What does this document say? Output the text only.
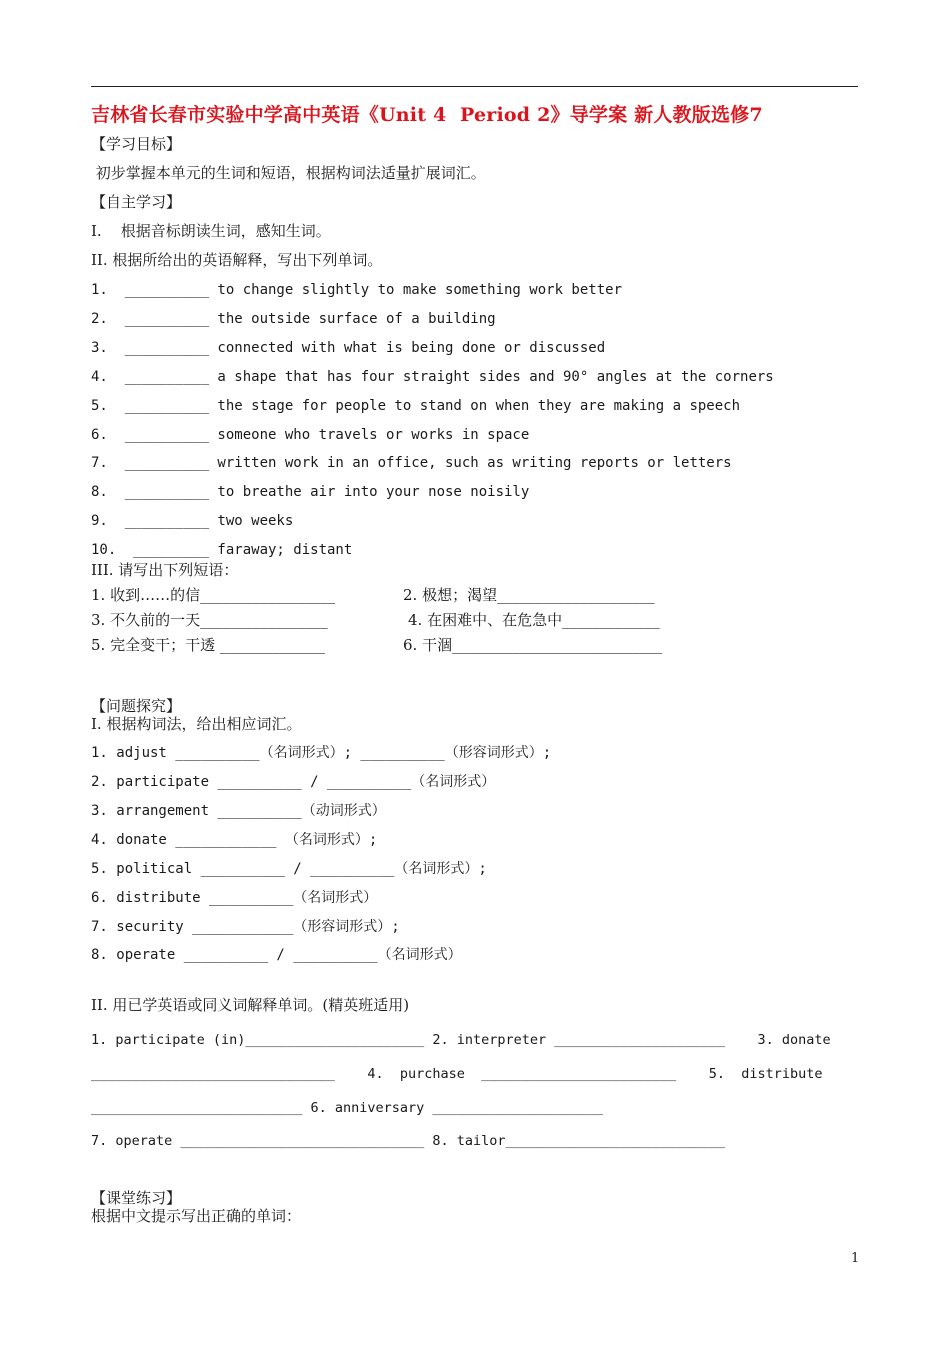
吉林省长春市实验中学高中英语《Unit 4  Period 2》导学案 新人教版选修7
【学习目标】
初步掌握本单元的生词和短语，根据构词法适量扩展词汇。
【自主学习】
I.    根据音标朗读生词，感知生词。
II. 根据所给出的英语解释，写出下列单词。
1.  __________ to change slightly to make something work better
2.  __________ the outside surface of a building
3.  __________ connected with what is being done or discussed
4.  __________ a shape that has four straight sides and 90° angles at the corners
5.  __________ the stage for people to stand on when they are making a speech
6.  __________ someone who travels or works in space
7.  __________ written work in an office, such as writing reports or letters
8.  __________ to breathe air into your nose noisily
9.  __________ two weeks
10.  _________ faraway; distant
III. 请写出下列短语：
1. 收到……的信__________________	2. 极想；渴望_____________________
3. 不久前的一天_________________	4. 在困难中、在危急中_____________
5. 完全变干；干透 ______________	6. 干涸____________________________
【问题探究】
I. 根据构词法，给出相应词汇。
1. adjust __________（名词形式）; __________（形容词形式）;
2. participate __________ / __________（名词形式）
3. arrangement __________（动词形式）
4. donate ____________ （名词形式）;
5. political __________ / __________（名词形式）;
6. distribute __________（名词形式）
7. security ____________（形容词形式）;
8. operate __________ / __________（名词形式）
II. 用已学英语或同义词解释单词。(精英班适用)
1. participate (in)______________________ 2. interpreter _____________________    3. donate
______________________________    4.  purchase  ________________________    5.  distribute
__________________________ 6. anniversary _____________________
7. operate ______________________________ 8. tailor___________________________
【课堂练习】
根据中文提示写出正确的单词：
1
